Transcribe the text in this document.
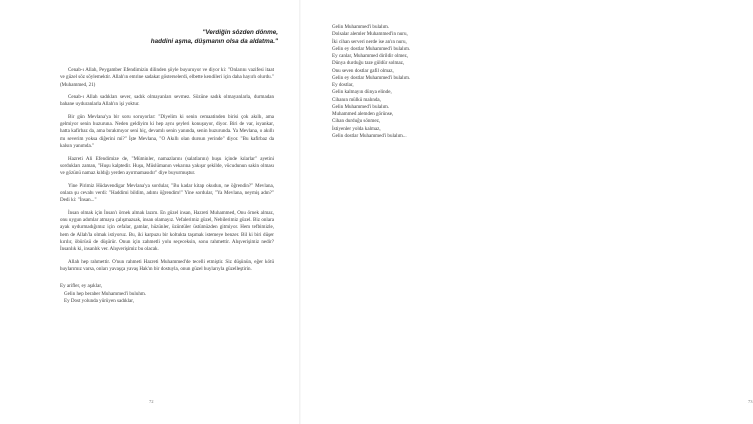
"Verdiğin sözden dönme,
haddini aşma, düşmanın olsa da aldatma."

Cenab-ı Allah, Peygamber Efendimizin dilinden şöyle buyuruyor ve diyor ki: "Onlarını vazifesi itaat ve güzel söz söylemektir. Allah'ın emrine sadakat gösterselerdi, elbette kendileri için daha hayırlı olurdu." (Muhammed, 21)

Cenab-ı Allah sadıkları sever, sadık olmayanları sevmez. Sözüne sadık olmayanlarla, durmadan bahane uyduranlarla Allah'ın işi yoktur.

Bir gün Mevlana'ya bir soru soruyorlar: "Diyelim ki senin cemaatinden birisi çok akıllı, ama gelmiyor senin huzuruna. Neden geldiyim ki hep aynı şeyleri konuşuyor, diyor. Biri de var, isyankar, hatta kafirbaz da, ama bırakmıyor seni hiç, devamlı senin yanında, senin huzurunda. Ya Mevlana, o akıllı mı severim yoksa diğerini mi?" İşte Mevlana, "O Akıllı olan dursun yerinde" diyor. "Bu kafirbaz da kalsın yanımda."

Hazreti Ali Efendimize de, "Müminler, namazlarını (salatlarını) huşu içinde kılarlar" ayetini sordukları zaman, "Huşu kalptedir. Huşu, Müslümanın vekarına yakışır şekilde, vücudunun sakin olması ve gözünü namaz kıldığı yerden ayırmamasıdır" diye buyurmuştur.

Yine Pirimiz Hüdavendigar Mevlana'ya sordular, "Bu kadar kitap okudun, ne öğrendin?" Mevlana, onlara şu cevabı verdi: "Haddimi bildim, adımı öğrendim!" Yine sordular, "Ya Mevlana, neymiş adın?" Dedi ki: "İnsan..."

İnsan olmak için İnsan'ı örnek almak lazım. En güzel insan, Hazreti Muhammed, Onu örnek almaz, onu uygun adımlar atmaya çalışmazsak, insan olamayız. Vefalerimiz güzel, Nebilerimiz güzel. Biz onlara ayak uydurmadığımız için cefalar, gamlar, hüzünler, üzüntüler üstümüzden gitmiyor. Hem tefbimizle, hem de Allah'la olmak istiyoruz. Bu, iki karpuzu bir koltukta taşımak istemeye benzer. Bil ki biri düşer kırılır, öbürüsü de düşürür. Onun için zahmetli yolu seçeceksin, sonu rahmettir. Alışverişimiz nedir? İnsanlık ki, insanlık ver. Alışverişimiz bu olacak.

Allah hep rahmettir. O'nun rahmeti Hazreti Muhammed'de tecelli etmiştir. Siz düşünün, eğer kötü huylarımız varsa, onları yavaşça yavaş Hak'ın bir dostuyla, onun güzel huylarıyla güzelleştirin.

Ey arifler, ey aşıklar,
Gelin hep beraber Muhammed'i buluhm.
Ey Dost yolunda yürüyen sadıklar,
72	73
Gelin Muhammed'i bulalım.
Dolsalar alemler Muhammed'in nuru,
İki cihan serveri nerde ise an'ın nuru,
Gelin ey dostlar Muhammed'i bulalım.
Ey canlar, Muhammed dirildir olmez,
Dünya durduğu taze güldür solmaz,
Onu seven dostlar gafil olmaz,
Gelin ey dostlar Muhammed'i bulalım.
Ey dostlar,
Gelin kalmayın dünya elinde,
Cihanın mülkü malında,
Gelin Muhammed'i bulalım.
Muhammed alemden görünse,
Cihan durduğu sönmez,
İstiyenler yolda kalmaz,
Gelin dostlar Muhammed'i bulalım...
